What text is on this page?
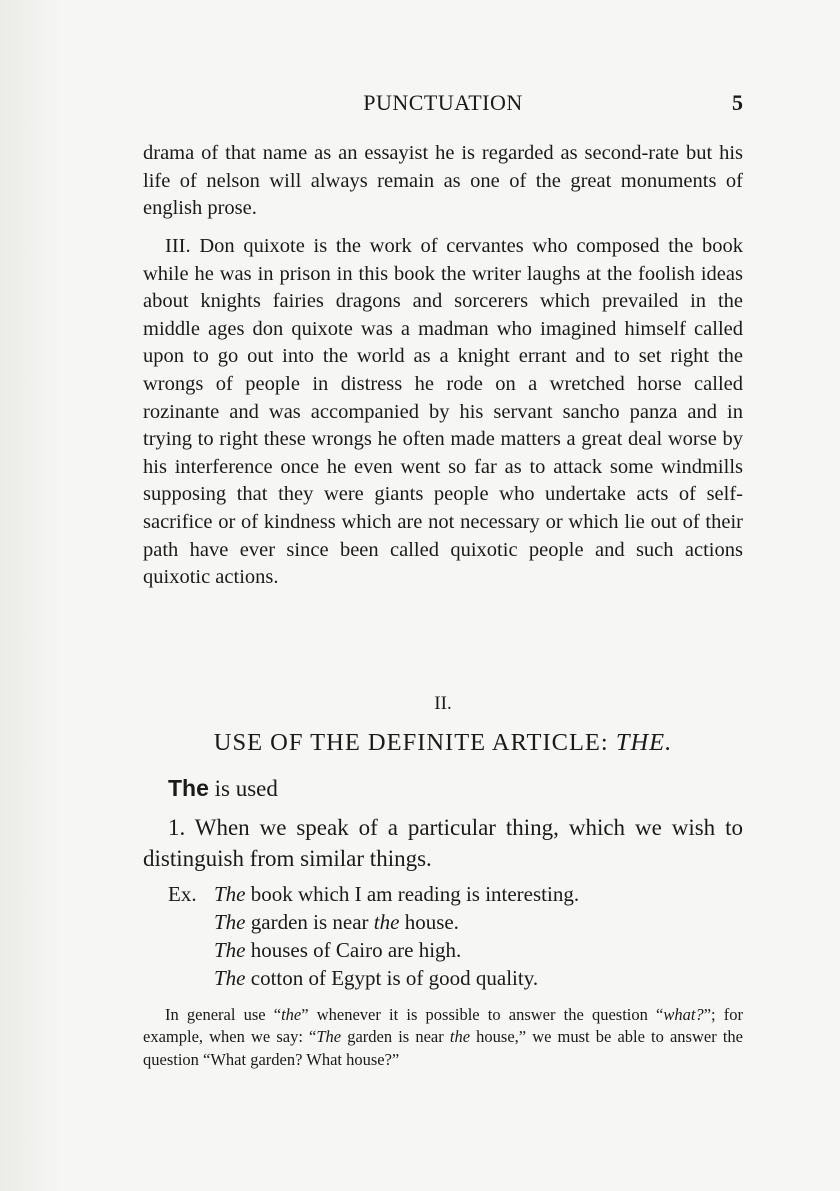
PUNCTUATION	5

drama of that name as an essayist he is regarded as second-rate but his life of nelson will always remain as one of the great monuments of english prose.

III. Don quixote is the work of cervantes who composed the book while he was in prison in this book the writer laughs at the foolish ideas about knights fairies dragons and sorcerers which prevailed in the middle ages don quixote was a madman who imagined himself called upon to go out into the world as a knight errant and to set right the wrongs of people in distress he rode on a wretched horse called rozinante and was accompanied by his servant sancho panza and in trying to right these wrongs he often made matters a great deal worse by his interference once he even went so far as to attack some windmills supposing that they were giants people who undertake acts of self-sacrifice or of kindness which are not necessary or which lie out of their path have ever since been called quixotic people and such actions quixotic actions.

II.
USE OF THE DEFINITE ARTICLE: THE.
The is used

1. When we speak of a particular thing, which we wish to distinguish from similar things.

Ex. The book which I am reading is interesting.
The garden is near the house.
The houses of Cairo are high.
The cotton of Egypt is of good quality.

In general use “the” whenever it is possible to answer the question “what?”; for example, when we say: “The garden is near the house,” we must be able to answer the question “What garden? What house?”
